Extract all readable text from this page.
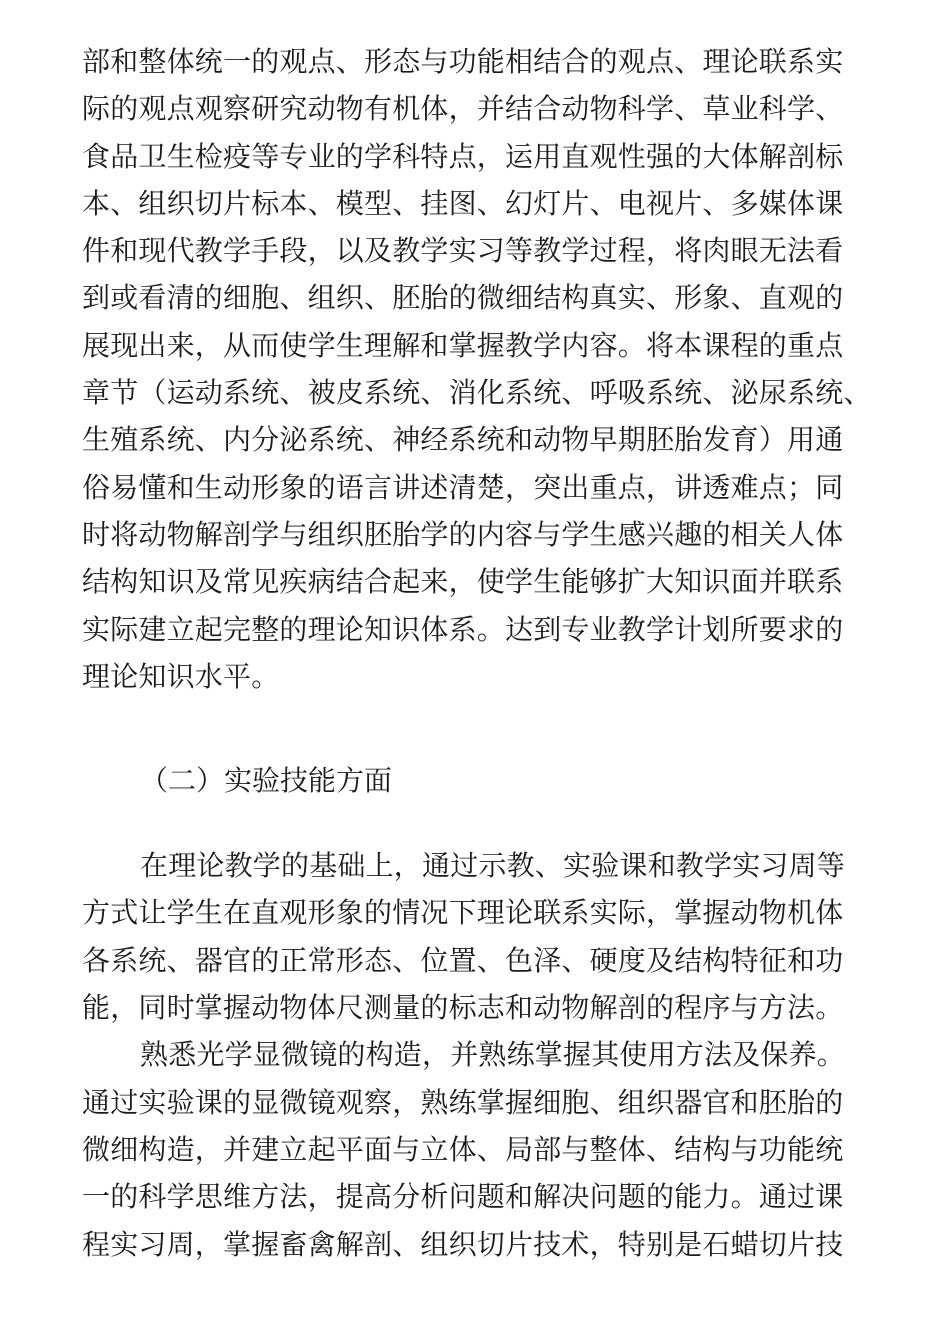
部和整体统一的观点、形态与功能相结合的观点、理论联系实
际的观点观察研究动物有机体，并结合动物科学、草业科学、
食品卫生检疫等专业的学科特点，运用直观性强的大体解剖标
本、组织切片标本、模型、挂图、幻灯片、电视片、多媒体课
件和现代教学手段，以及教学实习等教学过程，将肉眼无法看
到或看清的细胞、组织、胚胎的微细结构真实、形象、直观的
展现出来，从而使学生理解和掌握教学内容。将本课程的重点
章节（运动系统、被皮系统、消化系统、呼吸系统、泌尿系统、
生殖系统、内分泌系统、神经系统和动物早期胚胎发育）用通
俗易懂和生动形象的语言讲述清楚，突出重点，讲透难点；同
时将动物解剖学与组织胚胎学的内容与学生感兴趣的相关人体
结构知识及常见疾病结合起来，使学生能够扩大知识面并联系
实际建立起完整的理论知识体系。达到专业教学计划所要求的
理论知识水平。
（二）实验技能方面
在理论教学的基础上，通过示教、实验课和教学实习周等
方式让学生在直观形象的情况下理论联系实际，掌握动物机体
各系统、器官的正常形态、位置、色泽、硬度及结构特征和功
能，同时掌握动物体尺测量的标志和动物解剖的程序与方法。
熟悉光学显微镜的构造，并熟练掌握其使用方法及保养。
通过实验课的显微镜观察，熟练掌握细胞、组织器官和胚胎的
微细构造，并建立起平面与立体、局部与整体、结构与功能统
一的科学思维方法，提高分析问题和解决问题的能力。通过课
程实习周，掌握畜禽解剖、组织切片技术，特别是石蜡切片技
